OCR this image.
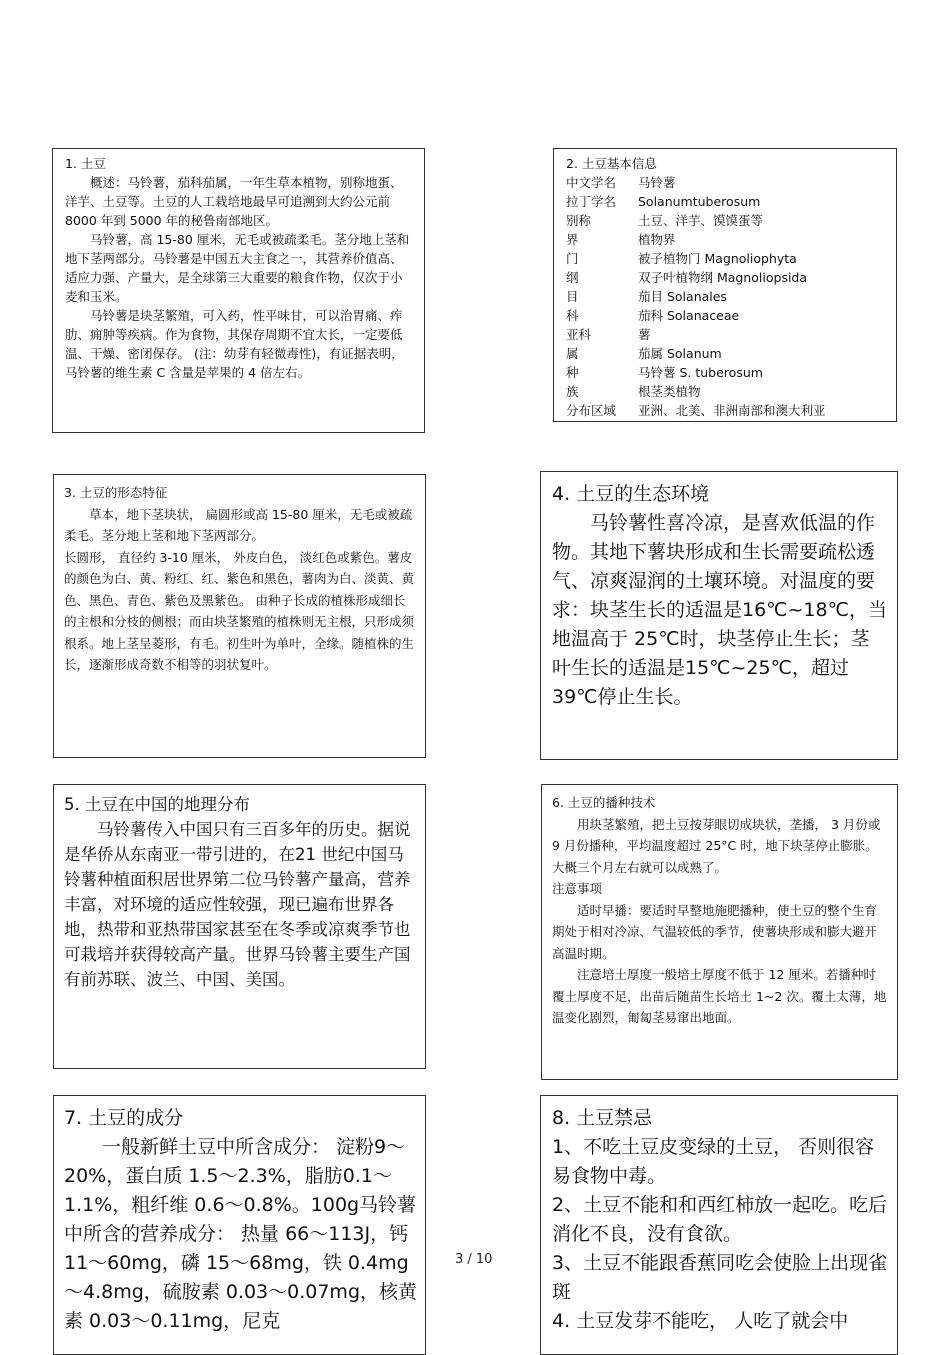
1. 土豆

概述：马铃薯，茄科茄属，一年生草本植物，别称地蛋、洋芋、土豆等。土豆的人工栽培地最早可追溯到大约公元前 8000 年到 5000 年的秘鲁南部地区。

马铃薯，高 15-80 厘米，无毛或被疏柔毛。茎分地上茎和地下茎两部分。马铃薯是中国五大主食之一，其营养价值高、适应力强、产量大，是全球第三大重要的粮食作物，仅次于小麦和玉米。

马铃薯是块茎繁殖，可入药，性平味甘，可以治胃痛、痄肋、痈肿等疾病。作为食物，其保存周期不宜太长，一定要低温、干燥、密闭保存。 (注：幼芽有轻微毒性)，有证据表明，马铃薯的维生素 C 含量是苹果的 4 倍左右。

2. 土豆基本信息

中文学名	马铃薯
拉丁学名	Solanumtuberosum
别称	土豆、洋芋、馍馍蛋等
界	植物界
门	被子植物门 Magnoliophyta
纲	双子叶植物纲 Magnoliopsida
目	茄目 Solanales
科	茄科 Solanaceae
亚科	薯
属	茄属 Solanum
种	马铃薯 S. tuberosum
族	根茎类植物
分布区域	亚洲、北美、非洲南部和澳大利亚

3. 土豆的形态特征

草本，地下茎块状， 扁圆形或高 15-80 厘米，无毛或被疏柔毛。茎分地上茎和地下茎两部分。

长圆形， 直径约 3-10 厘米， 外皮白色， 淡红色或紫色。薯皮的颜色为白、黄、粉红、红、紫色和黑色，薯肉为白、淡黄、黄色、黑色、青色、紫色及黑紫色。 由种子长成的植株形成细长的主根和分枝的侧根；而由块茎繁殖的植株则无主根，只形成须根系。地上茎呈菱形，有毛。初生叶为单叶，全缘。随植株的生长，逐渐形成奇数不相等的羽状复叶。

4. 土豆的生态环境

马铃薯性喜冷凉，是喜欢低温的作物。其地下薯块形成和生长需要疏松透气、凉爽湿润的土壤环境。对温度的要求：块茎生长的适温是16℃~18℃，当地温高于 25℃时，块茎停止生长；茎叶生长的适温是15℃~25℃，超过 39℃停止生长。

5. 土豆在中国的地理分布

马铃薯传入中国只有三百多年的历史。据说是华侨从东南亚一带引进的，在21 世纪中国马铃薯种植面积居世界第二位马铃薯产量高，营养丰富，对环境的适应性较强，现已遍布世界各地，热带和亚热带国家甚至在冬季或凉爽季节也可栽培并获得较高产量。世界马铃薯主要生产国有前苏联、波兰、中国、美国。

6. 土豆的播种技术

用块茎繁殖，把土豆按芽眼切成块状，垄播， 3 月份或 9 月份播种，平均温度超过 25°C 时，地下块茎停止膨胀。大概三个月左右就可以成熟了。

注意事项

适时早播：要适时早整地施肥播种，使土豆的整个生育期处于相对冷凉、气温较低的季节，使薯块形成和膨大避开高温时期。

注意培土厚度一般培土厚度不低于 12 厘米。若播种时覆土厚度不足，出苗后随苗生长培土 1~2 次。覆土太薄，地温变化剧烈，匍匐茎易窜出地面。

7. 土豆的成分

一般新鲜土豆中所含成分： 淀粉9～20%，蛋白质 1.5～2.3%，脂肪0.1～1.1%，粗纤维 0.6～0.8%。100g马铃薯中所含的营养成分： 热量 66～113J，钙 11～60mg，磷 15～68mg，铁 0.4mg～4.8mg，硫胺素 0.03～0.07mg，核黄素 0.03～0.11mg，尼克

8. 土豆禁忌

1、不吃土豆皮变绿的土豆， 否则很容易食物中毒。

2、土豆不能和和西红柿放一起吃。吃后消化不良，没有食欲。

3、土豆不能跟香蕉同吃会使脸上出现雀斑

4. 土豆发芽不能吃， 人吃了就会中

3 / 10
